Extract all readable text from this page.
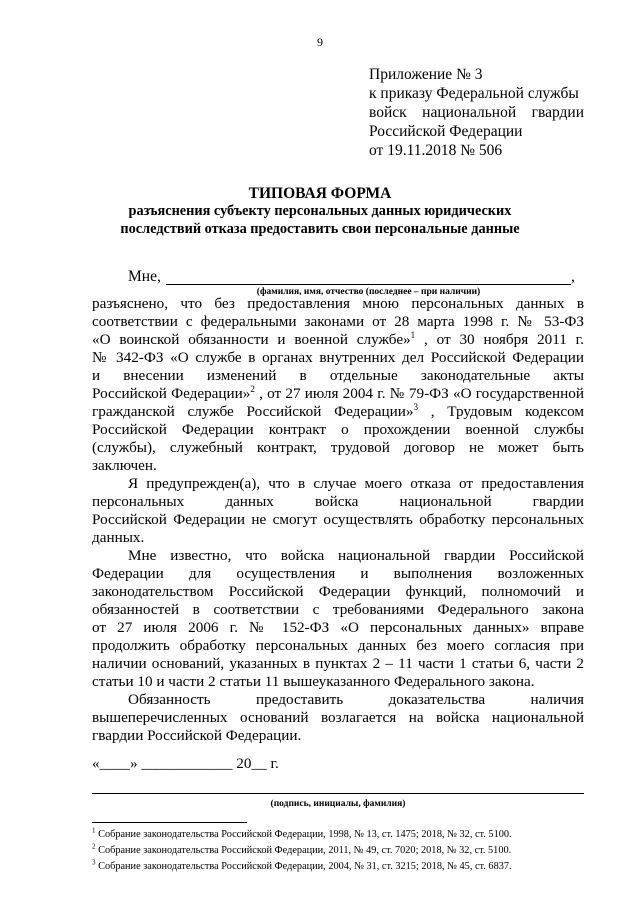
9
Приложение № 3
к приказу Федеральной службы
войск национальной гвардии
Российской Федерации
от 19.11.2018 № 506
ТИПОВАЯ ФОРМА
разъяснения субъекту персональных данных юридических
последствий отказа предоставить свои персональные данные
Мне,	,
(фамилия, имя, отчество (последнее – при наличии)
разъяснено, что без предоставления мною персональных данных в
соответствии с федеральными законами от 28 марта 1998 г. № 53-ФЗ
«О воинской обязанности и военной службе»$^1$ , от 30 ноября 2011 г.
№ 342-ФЗ «О службе в органах внутренних дел Российской Федерации
и внесении изменений в отдельные законодательные акты
Российской Федерации»$^2$ , от 27 июля 2004 г. № 79-ФЗ «О государственной
гражданской службе Российской Федерации»$^3$ , Трудовым кодексом
Российской Федерации контракт о прохождении военной службы
(службы), служебный контракт, трудовой договор не может быть
заключен.
Я предупрежден(а), что в случае моего отказа от предоставления
персональных данных войска национальной гвардии
Российской Федерации не смогут осуществлять обработку персональных
данных.
Мне известно, что войска национальной гвардии Российской
Федерации для осуществления и выполнения возложенных
законодательством Российской Федерации функций, полномочий и
обязанностей в соответствии с требованиями Федерального закона
от 27 июля 2006 г. № 152-ФЗ «О персональных данных» вправе
продолжить обработку персональных данных без моего согласия при
наличии оснований, указанных в пунктах 2 – 11 части 1 статьи 6, части 2
статьи 10 и части 2 статьи 11 вышеуказанного Федерального закона.
Обязанность предоставить доказательства наличия
вышеперечисленных оснований возлагается на войска национальной
гвардии Российской Федерации.
«____» ____________ 20__ г.
(подпись, инициалы, фамилия)
$^1$ Собрание законодательства Российской Федерации, 1998, № 13, ст. 1475; 2018, № 32, ст. 5100.
$^2$ Собрание законодательства Российской Федерации, 2011, № 49, ст. 7020; 2018, № 32, ст. 5100.
$^3$ Собрание законодательства Российской Федерации, 2004, № 31, ст. 3215; 2018, № 45, ст. 6837.
